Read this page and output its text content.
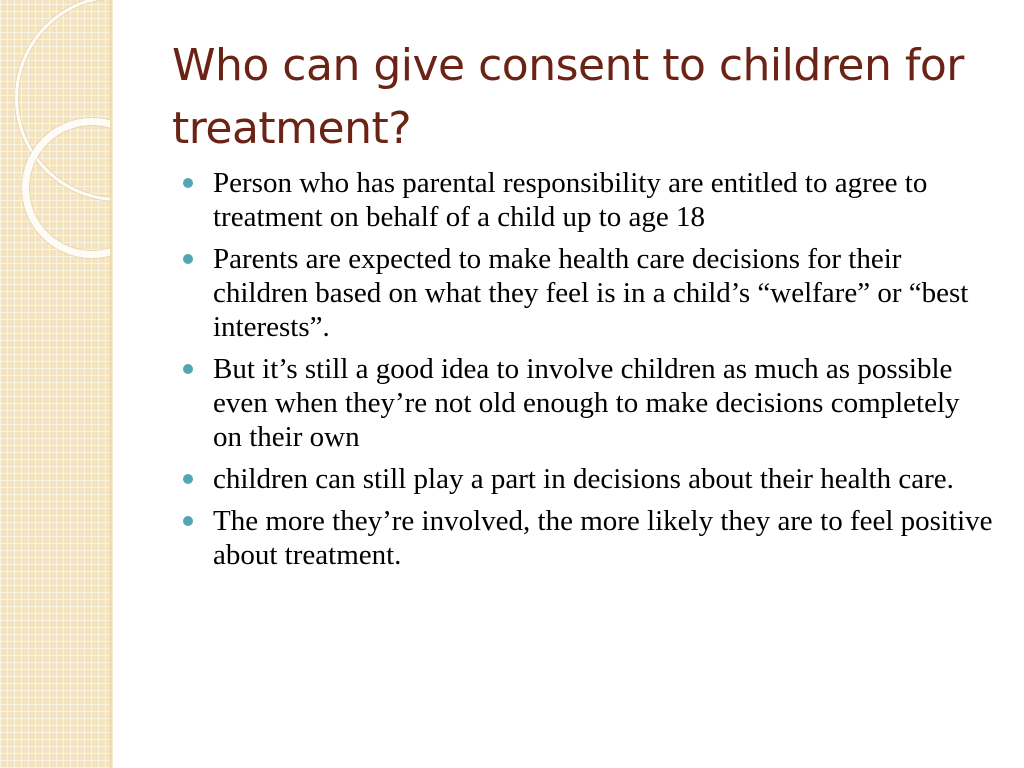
Who can give consent to children for treatment?
Person who has parental responsibility are entitled to agree to treatment on behalf of a child up to age 18
Parents are expected to make health care decisions for their children based on what they feel is in a child’s “welfare” or “best interests”.
But it’s still a good idea to involve children as much as possible even when they’re not old enough to make decisions completely on their own
children can still play a part in decisions about their health care.
The more they’re involved, the more likely they are to feel positive about treatment.
